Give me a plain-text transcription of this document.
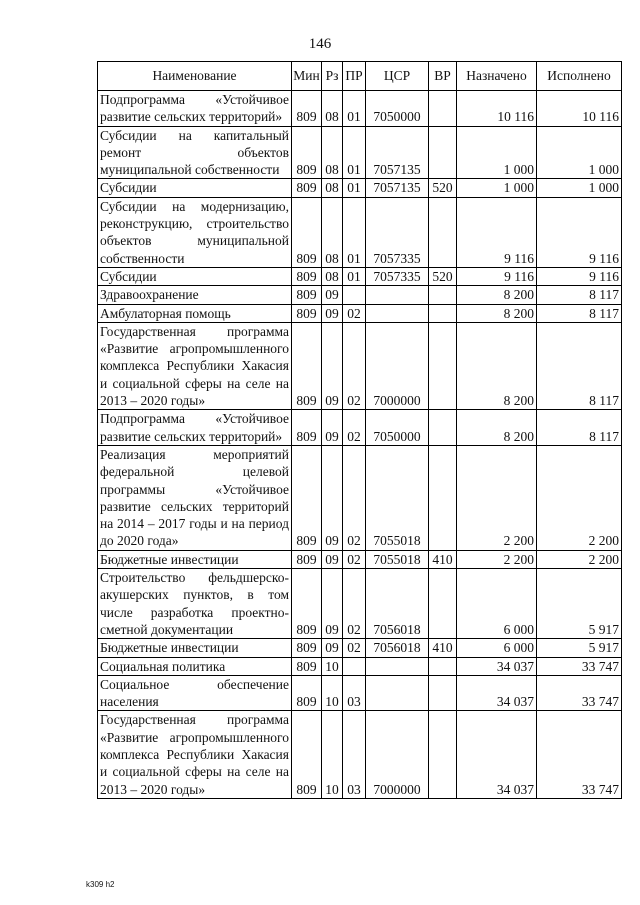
146
Наименование	Мин	Рз	ПР	ЦСР	ВР	Назначено	Исполнено
Подпрограмма «Устойчивое развитие сельских территорий»	809	08	01	7050000		10 116	10 116
Субсидии на капитальный ремонт объектов муниципальной собственности	809	08	01	7057135		1 000	1 000
Субсидии	809	08	01	7057135	520	1 000	1 000
Субсидии на модернизацию, реконструкцию, строительство объектов муниципальной собственности	809	08	01	7057335		9 116	9 116
Субсидии	809	08	01	7057335	520	9 116	9 116
Здравоохранение	809	09				8 200	8 117
Амбулаторная помощь	809	09	02			8 200	8 117
Государственная программа «Развитие агропромышленного комплекса Республики Хакасия и социальной сферы на селе на 2013 – 2020 годы»	809	09	02	7000000		8 200	8 117
Подпрограмма «Устойчивое развитие сельских территорий»	809	09	02	7050000		8 200	8 117
Реализация мероприятий федеральной целевой программы «Устойчивое развитие сельских территорий на 2014 – 2017 годы и на период до 2020 года»	809	09	02	7055018		2 200	2 200
Бюджетные инвестиции	809	09	02	7055018	410	2 200	2 200
Строительство фельдшерско-акушерских пунктов, в том числе разработка проектно-сметной документации	809	09	02	7056018		6 000	5 917
Бюджетные инвестиции	809	09	02	7056018	410	6 000	5 917
Социальная политика	809	10				34 037	33 747
Социальное обеспечение населения	809	10	03			34 037	33 747
Государственная программа «Развитие агропромышленного комплекса Республики Хакасия и социальной сферы на селе на 2013 – 2020 годы»	809	10	03	7000000		34 037	33 747
k309 h2
